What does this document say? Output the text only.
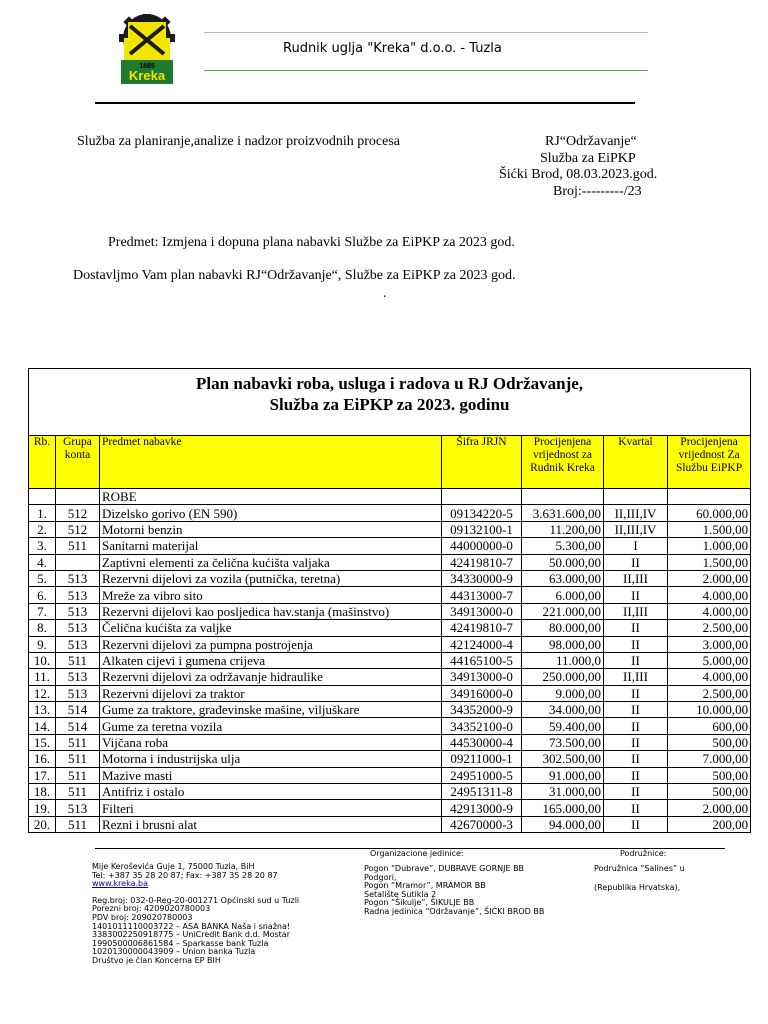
1885
Kreka
Rudnik uglja "Kreka" d.o.o. - Tuzla
Služba za planiranje,analize i nadzor proizvodnih procesa	RJ“Održavanje“
Služba za EiPKP
Šićki Brod, 08.03.2023.god.
Broj:---------/23
Predmet: Izmjena i dopuna plana nabavki Službe za EiPKP za 2023 god.
Dostavljmo Vam plan nabavki RJ“Održavanje“, Službe za EiPKP za 2023 god.
.
Plan nabavki roba, usluga i radova u RJ Održavanje,
Služba za EiPKP za 2023. godinu						

Rb.	Grupa konta	Predmet nabavke	Šifra JRJN	Procijenjena vrijednost za Rudnik Kreka	Kvartal	Procijenjena vrijednost Za Službu EiPKP
		ROBE				
1.	512	Dizelsko gorivo (EN 590)	09134220-5	3.631.600,00	II,III,IV	60.000,00
2.	512	Motorni benzin	09132100-1	11.200,00	II,III,IV	1.500,00
3.	511	Sanitarni materijal	44000000-0	5.300,00	I	1.000,00
4.		Zaptivni elementi za čelična kućišta valjaka	42419810-7	50.000,00	II	1.500,00
5.	513	Rezervni dijelovi za vozila (putnička, teretna)	34330000-9	63.000,00	II,III	2.000,00
6.	513	Mreže za vibro sito	44313000-7	6.000,00	II	4.000,00
7.	513	Rezervni dijelovi kao posljedica hav.stanja (mašinstvo)	34913000-0	221.000,00	II,III	4.000,00
8.	513	Čelična kućišta za valjke	42419810-7	80.000,00	II	2.500,00
9.	513	Rezervni dijelovi za pumpna postrojenja	42124000-4	98.000,00	II	3.000,00
10.	511	Alkaten cijevi i gumena crijeva	44165100-5	11.000,0	II	5.000,00
11.	513	Rezervni dijelovi za održavanje hidraulike	34913000-0	250.000,00	II,III	4.000,00
12.	513	Rezervni dijelovi za traktor	34916000-0	9.000,00	II	2.500,00
13.	514	Gume za traktore, građevinske mašine, viljuškare	34352000-9	34.000,00	II	10.000,00
14.	514	Gume za teretna vozila	34352100-0	59.400,00	II	600,00
15.	511	Vijčana roba	44530000-4	73.500,00	II	500,00
16.	511	Motorna i industrijska ulja	09211000-1	302.500,00	II	7.000,00
17.	511	Mazive masti	24951000-5	91.000,00	II	500,00
18.	511	Antifriz i ostalo	24951311-8	31.000,00	II	500,00
19.	513	Filteri	42913000-9	165.000,00	II	2.000,00
20.	511	Rezni i brusni alat	42670000-3	94.000,00	II	200,00
Mije Keroševića Guje 1, 75000 Tuzla, BiH
Tel: +387 35 28 20 87; Fax: +387 35 28 20 87
www.kreka.ba
Reg.broj: 032-0-Reg-20-001271 Općinski sud u Tuzli
Porezni broj: 4209020780003
PDV broj: 209020780003
1401011110003722 – ASA BANKA Naša i snažna!
3383002250918775 – UniCredit Bank d.d. Mostar
1990500006861584 – Sparkasse bank Tuzla
1020130000043909 – Union banka Tuzla
Društvo je član Koncerna EP BIH
Organizacione jedinice:
Pogon “Dubrave”, DUBRAVE GORNJE BB
Podgori,
Pogon “Mramor”, MRAMOR BB
Setalište Sutikla 2
Pogon “Šikulje”, ŠIKULJE BB
Radna jedinica “Održavanje”, ŠIĆKI BROD BB
Podružnice:
Podružnica “Salines” u
(Republika Hrvatska),
